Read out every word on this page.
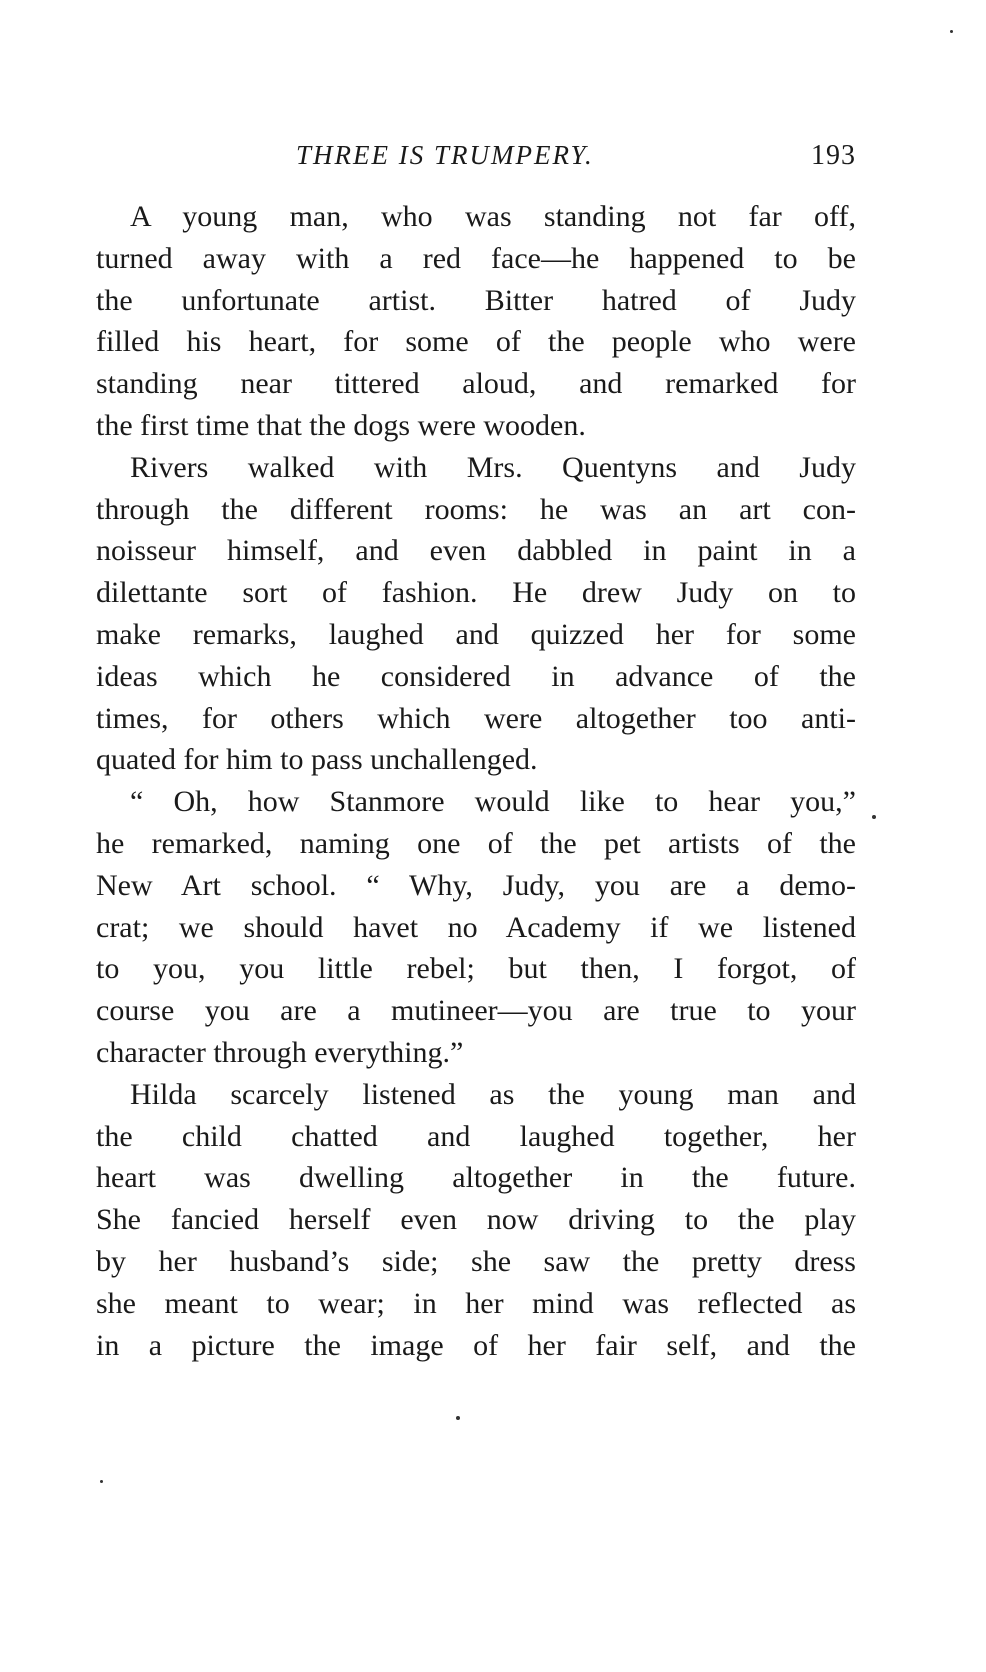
THREE IS TRUMPERY.	193
A young man, who was standing not far off,
turned away with a red face—he happened to be
the unfortunate artist. Bitter hatred of Judy
filled his heart, for some of the people who were
standing near tittered aloud, and remarked for
the first time that the dogs were wooden.
Rivers walked with Mrs. Quentyns and Judy
through the different rooms: he was an art con-
noisseur himself, and even dabbled in paint in a
dilettante sort of fashion. He drew Judy on to
make remarks, laughed and quizzed her for some
ideas which he considered in advance of the
times, for others which were altogether too anti-
quated for him to pass unchallenged.
“ Oh, how Stanmore would like to hear you,”
he remarked, naming one of the pet artists of the
New Art school. “ Why, Judy, you are a demo-
crat; we should havet no Academy if we listened
to you, you little rebel; but then, I forgot, of
course you are a mutineer—you are true to your
character through everything.”
Hilda scarcely listened as the young man and
the child chatted and laughed together, her
heart was dwelling altogether in the future.
She fancied herself even now driving to the play
by her husband’s side; she saw the pretty dress
she meant to wear; in her mind was reflected as
in a picture the image of her fair self, and the
